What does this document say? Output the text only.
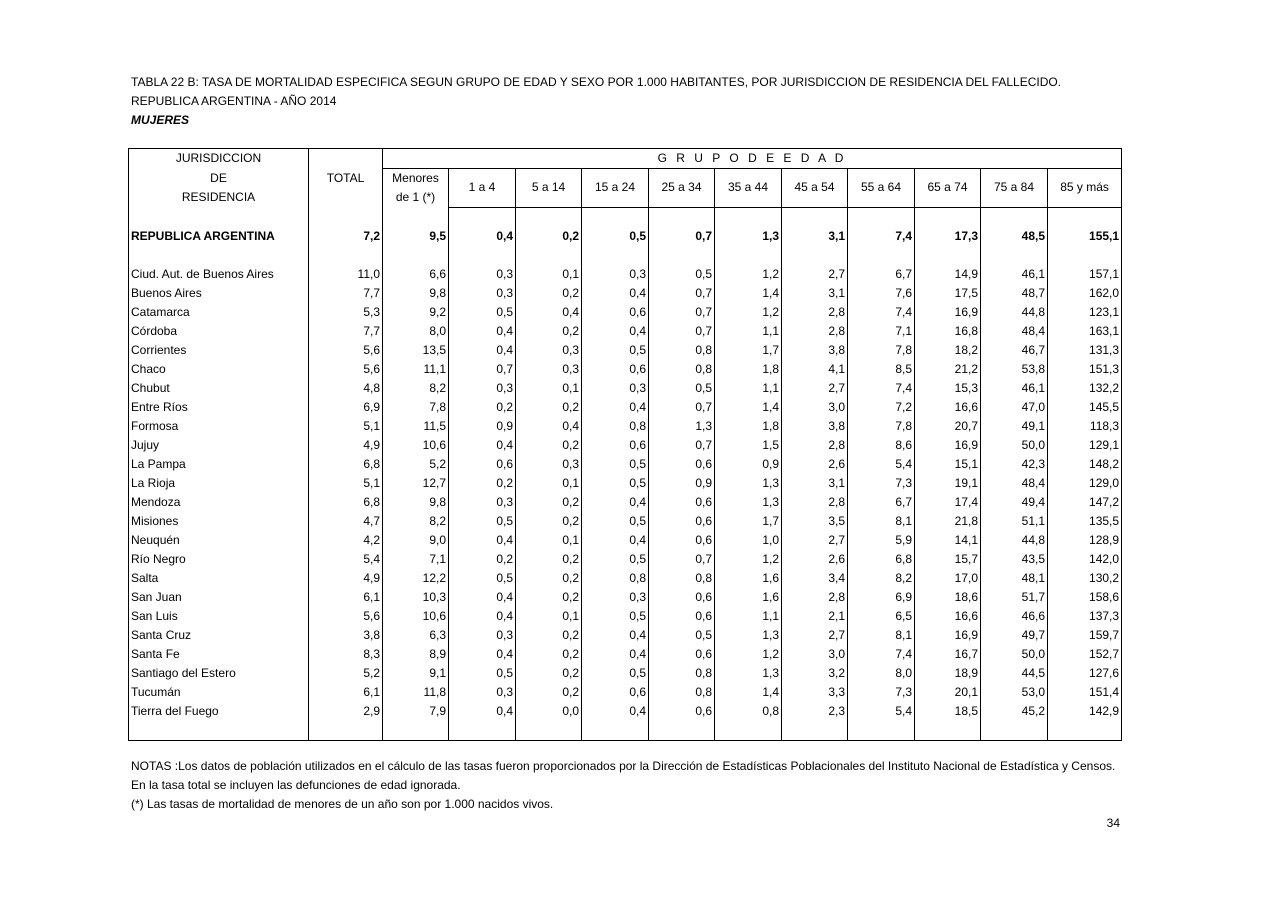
TABLA 22 B: TASA DE MORTALIDAD ESPECIFICA SEGUN GRUPO DE EDAD Y SEXO POR 1.000 HABITANTES, POR JURISDICCION DE RESIDENCIA DEL FALLECIDO.
REPUBLICA ARGENTINA - AÑO 2014
MUJERES
JURISDICCION		G R U P O D E E D A D										
DE	TOTAL	Menores	1 a 4	5 a 14	15 a 24	25 a 34	35 a 44	45 a 54	55 a 64	65 a 74	75 a 84	85 y más
RESIDENCIA		de 1 (*)										

REPUBLICA ARGENTINA	7,2	9,5	0,4	0,2	0,5	0,7	1,3	3,1	7,4	17,3	48,5	155,1

Ciud. Aut. de Buenos Aires	11,0	6,6	0,3	0,1	0,3	0,5	1,2	2,7	6,7	14,9	46,1	157,1
Buenos Aires	7,7	9,8	0,3	0,2	0,4	0,7	1,4	3,1	7,6	17,5	48,7	162,0
Catamarca	5,3	9,2	0,5	0,4	0,6	0,7	1,2	2,8	7,4	16,9	44,8	123,1
Córdoba	7,7	8,0	0,4	0,2	0,4	0,7	1,1	2,8	7,1	16,8	48,4	163,1
Corrientes	5,6	13,5	0,4	0,3	0,5	0,8	1,7	3,8	7,8	18,2	46,7	131,3
Chaco	5,6	11,1	0,7	0,3	0,6	0,8	1,8	4,1	8,5	21,2	53,8	151,3
Chubut	4,8	8,2	0,3	0,1	0,3	0,5	1,1	2,7	7,4	15,3	46,1	132,2
Entre Ríos	6,9	7,8	0,2	0,2	0,4	0,7	1,4	3,0	7,2	16,6	47,0	145,5
Formosa	5,1	11,5	0,9	0,4	0,8	1,3	1,8	3,8	7,8	20,7	49,1	118,3
Jujuy	4,9	10,6	0,4	0,2	0,6	0,7	1,5	2,8	8,6	16,9	50,0	129,1
La Pampa	6,8	5,2	0,6	0,3	0,5	0,6	0,9	2,6	5,4	15,1	42,3	148,2
La Rioja	5,1	12,7	0,2	0,1	0,5	0,9	1,3	3,1	7,3	19,1	48,4	129,0
Mendoza	6,8	9,8	0,3	0,2	0,4	0,6	1,3	2,8	6,7	17,4	49,4	147,2
Misiones	4,7	8,2	0,5	0,2	0,5	0,6	1,7	3,5	8,1	21,8	51,1	135,5
Neuquén	4,2	9,0	0,4	0,1	0,4	0,6	1,0	2,7	5,9	14,1	44,8	128,9
Río Negro	5,4	7,1	0,2	0,2	0,5	0,7	1,2	2,6	6,8	15,7	43,5	142,0
Salta	4,9	12,2	0,5	0,2	0,8	0,8	1,6	3,4	8,2	17,0	48,1	130,2
San Juan	6,1	10,3	0,4	0,2	0,3	0,6	1,6	2,8	6,9	18,6	51,7	158,6
San Luis	5,6	10,6	0,4	0,1	0,5	0,6	1,1	2,1	6,5	16,6	46,6	137,3
Santa Cruz	3,8	6,3	0,3	0,2	0,4	0,5	1,3	2,7	8,1	16,9	49,7	159,7
Santa Fe	8,3	8,9	0,4	0,2	0,4	0,6	1,2	3,0	7,4	16,7	50,0	152,7
Santiago del Estero	5,2	9,1	0,5	0,2	0,5	0,8	1,3	3,2	8,0	18,9	44,5	127,6
Tucumán	6,1	11,8	0,3	0,2	0,6	0,8	1,4	3,3	7,3	20,1	53,0	151,4
Tierra del Fuego	2,9	7,9	0,4	0,0	0,4	0,6	0,8	2,3	5,4	18,5	45,2	142,9

NOTAS :Los datos de población utilizados en el cálculo de las tasas fueron proporcionados por la Dirección de Estadísticas Poblacionales del Instituto Nacional de Estadística y Censos.
En la tasa total se incluyen las defunciones de edad ignorada.
(*) Las tasas de mortalidad de menores de un año son por 1.000 nacidos vivos.
34
